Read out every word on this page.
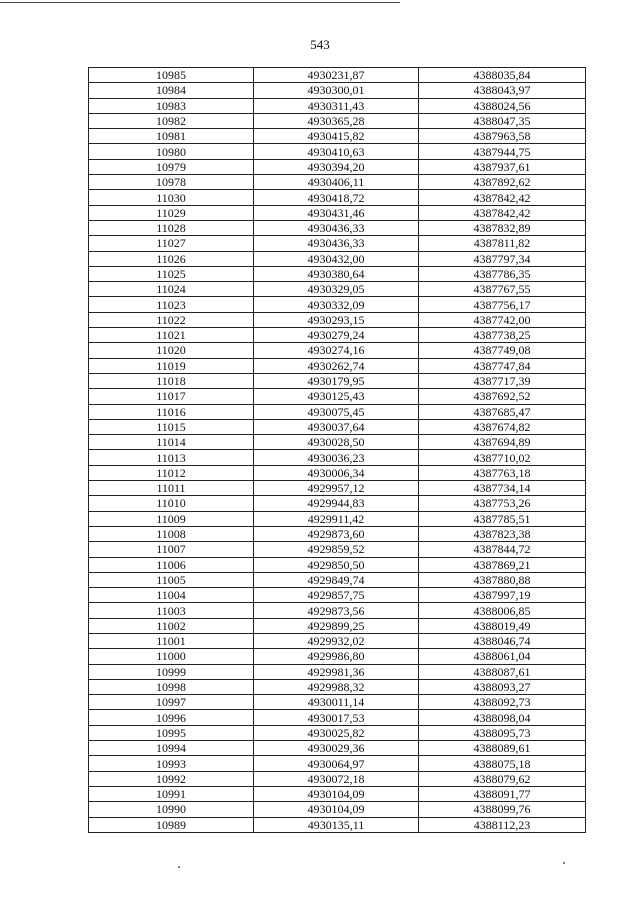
543
10985	4930231,87	4388035,84
10984	4930300,01	4388043,97
10983	4930311,43	4388024,56
10982	4930365,28	4388047,35
10981	4930415,82	4387963,58
10980	4930410,63	4387944,75
10979	4930394,20	4387937,61
10978	4930406,11	4387892,62
11030	4930418,72	4387842,42
11029	4930431,46	4387842,42
11028	4930436,33	4387832,89
11027	4930436,33	4387811,82
11026	4930432,00	4387797,34
11025	4930380,64	4387786,35
11024	4930329,05	4387767,55
11023	4930332,09	4387756,17
11022	4930293,15	4387742,00
11021	4930279,24	4387738,25
11020	4930274,16	4387749,08
11019	4930262,74	4387747,84
11018	4930179,95	4387717,39
11017	4930125,43	4387692,52
11016	4930075,45	4387685,47
11015	4930037,64	4387674,82
11014	4930028,50	4387694,89
11013	4930036,23	4387710,02
11012	4930006,34	4387763,18
11011	4929957,12	4387734,14
11010	4929944,83	4387753,26
11009	4929911,42	4387785,51
11008	4929873,60	4387823,38
11007	4929859,52	4387844,72
11006	4929850,50	4387869,21
11005	4929849,74	4387880,88
11004	4929857,75	4387997,19
11003	4929873,56	4388006,85
11002	4929899,25	4388019,49
11001	4929932,02	4388046,74
11000	4929986,80	4388061,04
10999	4929981,36	4388087,61
10998	4929988,32	4388093,27
10997	4930011,14	4388092,73
10996	4930017,53	4388098,04
10995	4930025,82	4388095,73
10994	4930029,36	4388089,61
10993	4930064,97	4388075,18
10992	4930072,18	4388079,62
10991	4930104,09	4388091,77
10990	4930104,09	4388099,76
10989	4930135,11	4388112,23
